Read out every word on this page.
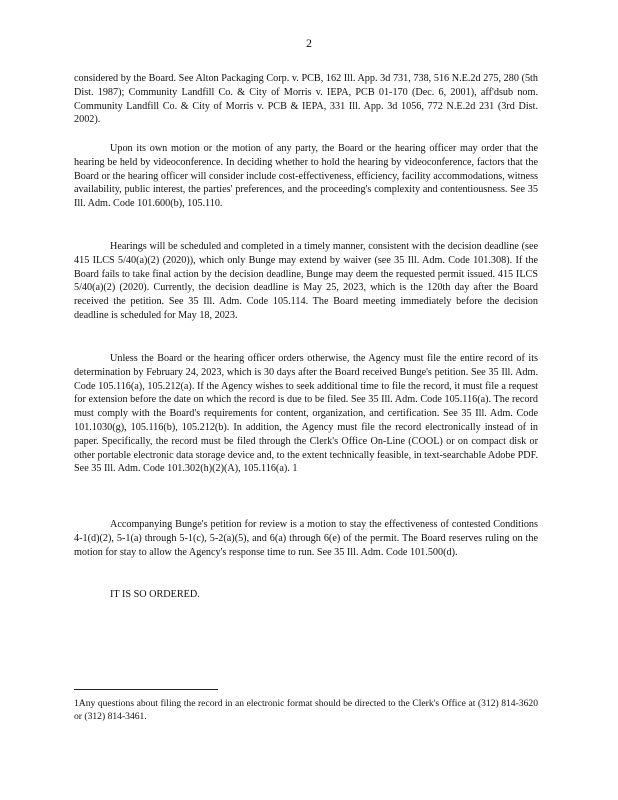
2

considered by the Board. See Alton Packaging Corp. v. PCB, 162 Ill. App. 3d 731, 738, 516 N.E.2d 275, 280 (5th Dist. 1987); Community Landfill Co. & City of Morris v. IEPA, PCB 01-170 (Dec. 6, 2001), aff'dsub nom. Community Landfill Co. & City of Morris v. PCB & IEPA, 331 Ill. App. 3d 1056, 772 N.E.2d 231 (3rd Dist. 2002).

Upon its own motion or the motion of any party, the Board or the hearing officer may order that the hearing be held by videoconference. In deciding whether to hold the hearing by videoconference, factors that the Board or the hearing officer will consider include cost-effectiveness, efficiency, facility accommodations, witness availability, public interest, the parties' preferences, and the proceeding's complexity and contentiousness. See 35 Ill. Adm. Code 101.600(b), 105.110.

Hearings will be scheduled and completed in a timely manner, consistent with the decision deadline (see 415 ILCS 5/40(a)(2) (2020)), which only Bunge may extend by waiver (see 35 Ill. Adm. Code 101.308). If the Board fails to take final action by the decision deadline, Bunge may deem the requested permit issued. 415 ILCS 5/40(a)(2) (2020). Currently, the decision deadline is May 25, 2023, which is the 120th day after the Board received the petition. See 35 Ill. Adm. Code 105.114. The Board meeting immediately before the decision deadline is scheduled for May 18, 2023.

Unless the Board or the hearing officer orders otherwise, the Agency must file the entire record of its determination by February 24, 2023, which is 30 days after the Board received Bunge's petition. See 35 Ill. Adm. Code 105.116(a), 105.212(a). If the Agency wishes to seek additional time to file the record, it must file a request for extension before the date on which the record is due to be filed. See 35 Ill. Adm. Code 105.116(a). The record must comply with the Board's requirements for content, organization, and certification. See 35 Ill. Adm. Code 101.1030(g), 105.116(b), 105.212(b). In addition, the Agency must file the record electronically instead of in paper. Specifically, the record must be filed through the Clerk's Office On-Line (COOL) or on compact disk or other portable electronic data storage device and, to the extent technically feasible, in text-searchable Adobe PDF. See 35 Ill. Adm. Code 101.302(h)(2)(A), 105.116(a). 1

Accompanying Bunge's petition for review is a motion to stay the effectiveness of contested Conditions 4-1(d)(2), 5-1(a) through 5-1(c), 5-2(a)(5), and 6(a) through 6(e) of the permit. The Board reserves ruling on the motion for stay to allow the Agency's response time to run. See 35 Ill. Adm. Code 101.500(d).

IT IS SO ORDERED.

1Any questions about filing the record in an electronic format should be directed to the Clerk's Office at (312) 814-3620 or (312) 814-3461.
